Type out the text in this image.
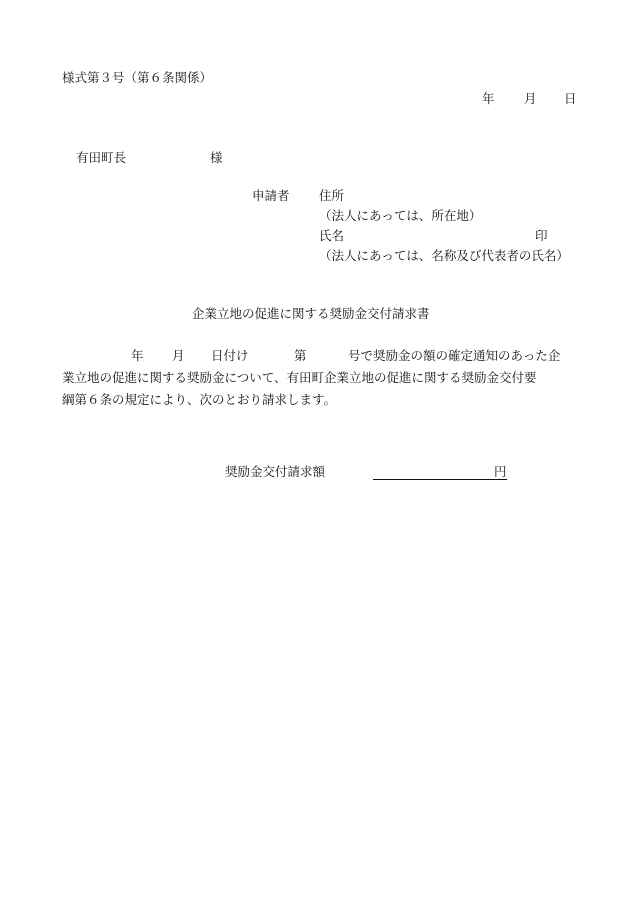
様式第３号（第６条関係）
年 月 日
有田町長	様
申請者 住所
（法人にあっては、所在地）
氏名	印
（法人にあっては、名称及び代表者の氏名）
企業立地の促進に関する奨励金交付請求書
年 月 日付け	第	号で奨励金の額の確定通知のあった企
業立地の促進に関する奨励金について、有田町企業立地の促進に関する奨励金交付要
綱第６条の規定により、次のとおり請求します。
奨励金交付請求額	円
